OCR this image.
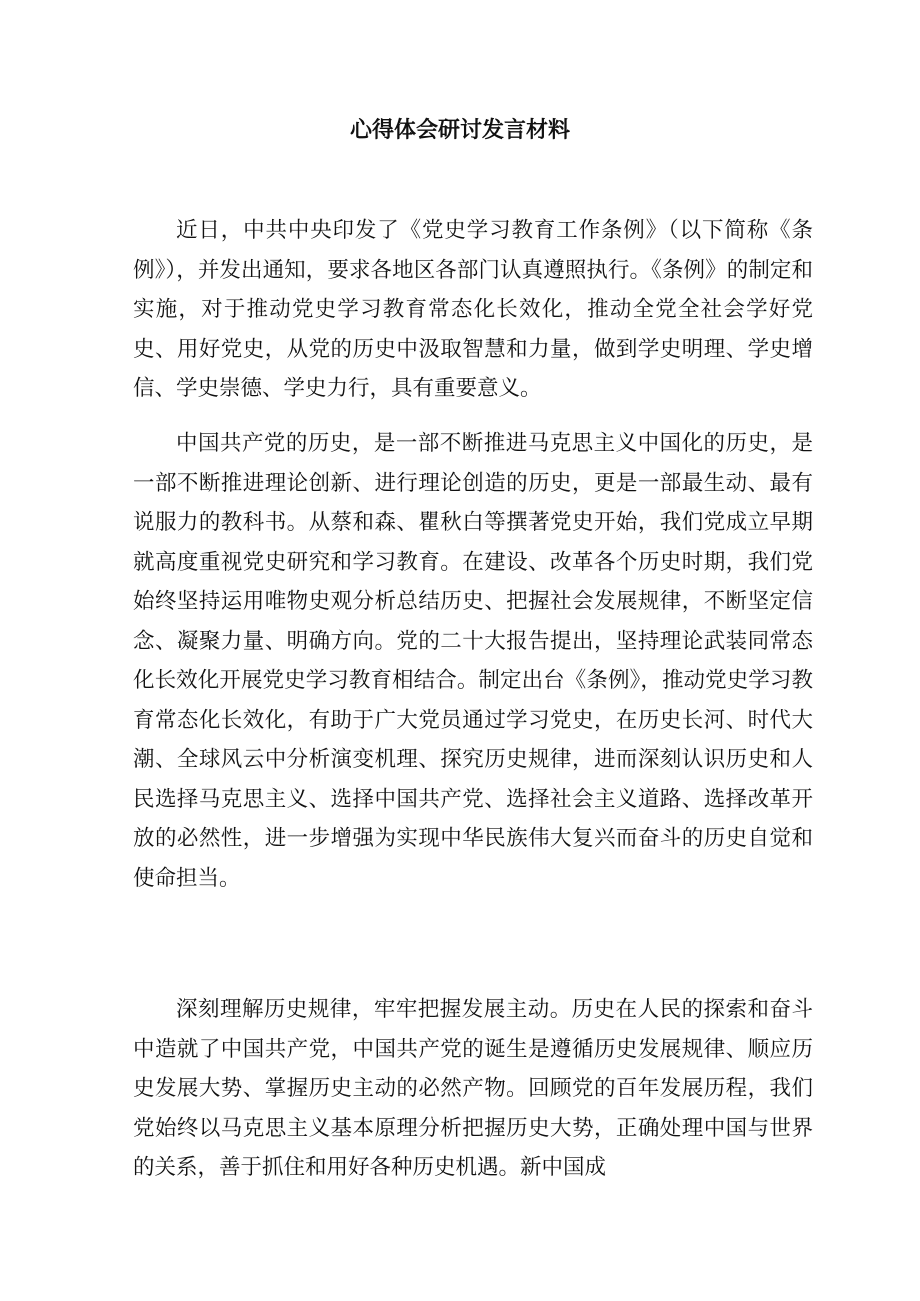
心得体会研讨发言材料

近日，中共中央印发了《党史学习教育工作条例》（以下简称《条例》），并发出通知，要求各地区各部门认真遵照执行。《条例》的制定和实施，对于推动党史学习教育常态化长效化，推动全党全社会学好党史、用好党史，从党的历史中汲取智慧和力量，做到学史明理、学史增信、学史崇德、学史力行，具有重要意义。

中国共产党的历史，是一部不断推进马克思主义中国化的历史，是一部不断推进理论创新、进行理论创造的历史，更是一部最生动、最有说服力的教科书。从蔡和森、瞿秋白等撰著党史开始，我们党成立早期就高度重视党史研究和学习教育。在建设、改革各个历史时期，我们党始终坚持运用唯物史观分析总结历史、把握社会发展规律，不断坚定信念、凝聚力量、明确方向。党的二十大报告提出，坚持理论武装同常态化长效化开展党史学习教育相结合。制定出台《条例》，推动党史学习教育常态化长效化，有助于广大党员通过学习党史，在历史长河、时代大潮、全球风云中分析演变机理、探究历史规律，进而深刻认识历史和人民选择马克思主义、选择中国共产党、选择社会主义道路、选择改革开放的必然性，进一步增强为实现中华民族伟大复兴而奋斗的历史自觉和使命担当。

深刻理解历史规律，牢牢把握发展主动。历史在人民的探索和奋斗中造就了中国共产党，中国共产党的诞生是遵循历史发展规律、顺应历史发展大势、掌握历史主动的必然产物。回顾党的百年发展历程，我们党始终以马克思主义基本原理分析把握历史大势，正确处理中国与世界的关系，善于抓住和用好各种历史机遇。新中国成
